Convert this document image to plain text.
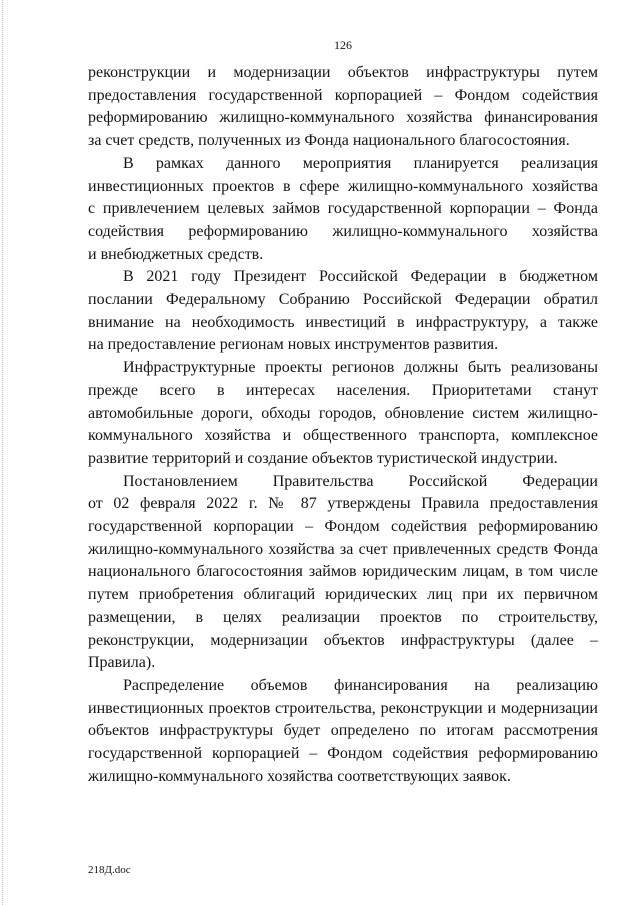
126
реконструкции и модернизации объектов инфраструктуры путем
предоставления государственной корпорацией – Фондом содействия
реформированию жилищно-коммунального хозяйства финансирования
за счет средств, полученных из Фонда национального благосостояния.
В рамках данного мероприятия планируется реализация
инвестиционных проектов в сфере жилищно-коммунального хозяйства
с привлечением целевых займов государственной корпорации – Фонда
содействия реформированию жилищно-коммунального хозяйства
и внебюджетных средств.
В 2021 году Президент Российской Федерации в бюджетном
послании Федеральному Собранию Российской Федерации обратил
внимание на необходимость инвестиций в инфраструктуру, а также
на предоставление регионам новых инструментов развития.
Инфраструктурные проекты регионов должны быть реализованы
прежде всего в интересах населения. Приоритетами станут
автомобильные дороги, обходы городов, обновление систем жилищно-
коммунального хозяйства и общественного транспорта, комплексное
развитие территорий и создание объектов туристической индустрии.
Постановлением Правительства Российской Федерации
от 02 февраля 2022 г. № 87 утверждены Правила предоставления
государственной корпорации – Фондом содействия реформированию
жилищно-коммунального хозяйства за счет привлеченных средств Фонда
национального благосостояния займов юридическим лицам, в том числе
путем приобретения облигаций юридических лиц при их первичном
размещении, в целях реализации проектов по строительству,
реконструкции, модернизации объектов инфраструктуры (далее –
Правила).
Распределение объемов финансирования на реализацию
инвестиционных проектов строительства, реконструкции и модернизации
объектов инфраструктуры будет определено по итогам рассмотрения
государственной корпорацией – Фондом содействия реформированию
жилищно-коммунального хозяйства соответствующих заявок.
218Д.doc
